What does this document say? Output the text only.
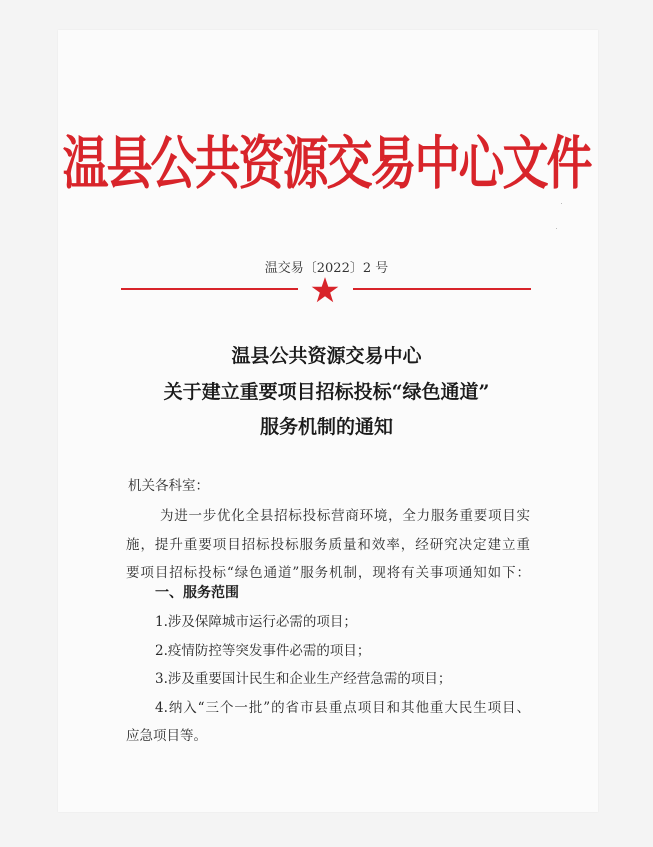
温县公共资源交易中心文件
温交易〔2022〕2 号
温县公共资源交易中心
关于建立重要项目招标投标“绿色通道”
服务机制的通知
机关各科室：
为进一步优化全县招标投标营商环境，全力服务重要项目实
施，提升重要项目招标投标服务质量和效率，经研究决定建立重
要项目招标投标“绿色通道”服务机制，现将有关事项通知如下：
一、服务范围
1.涉及保障城市运行必需的项目；
2.疫情防控等突发事件必需的项目；
3.涉及重要国计民生和企业生产经营急需的项目；
4.纳入“三个一批”的省市县重点项目和其他重大民生项目、
应急项目等。
